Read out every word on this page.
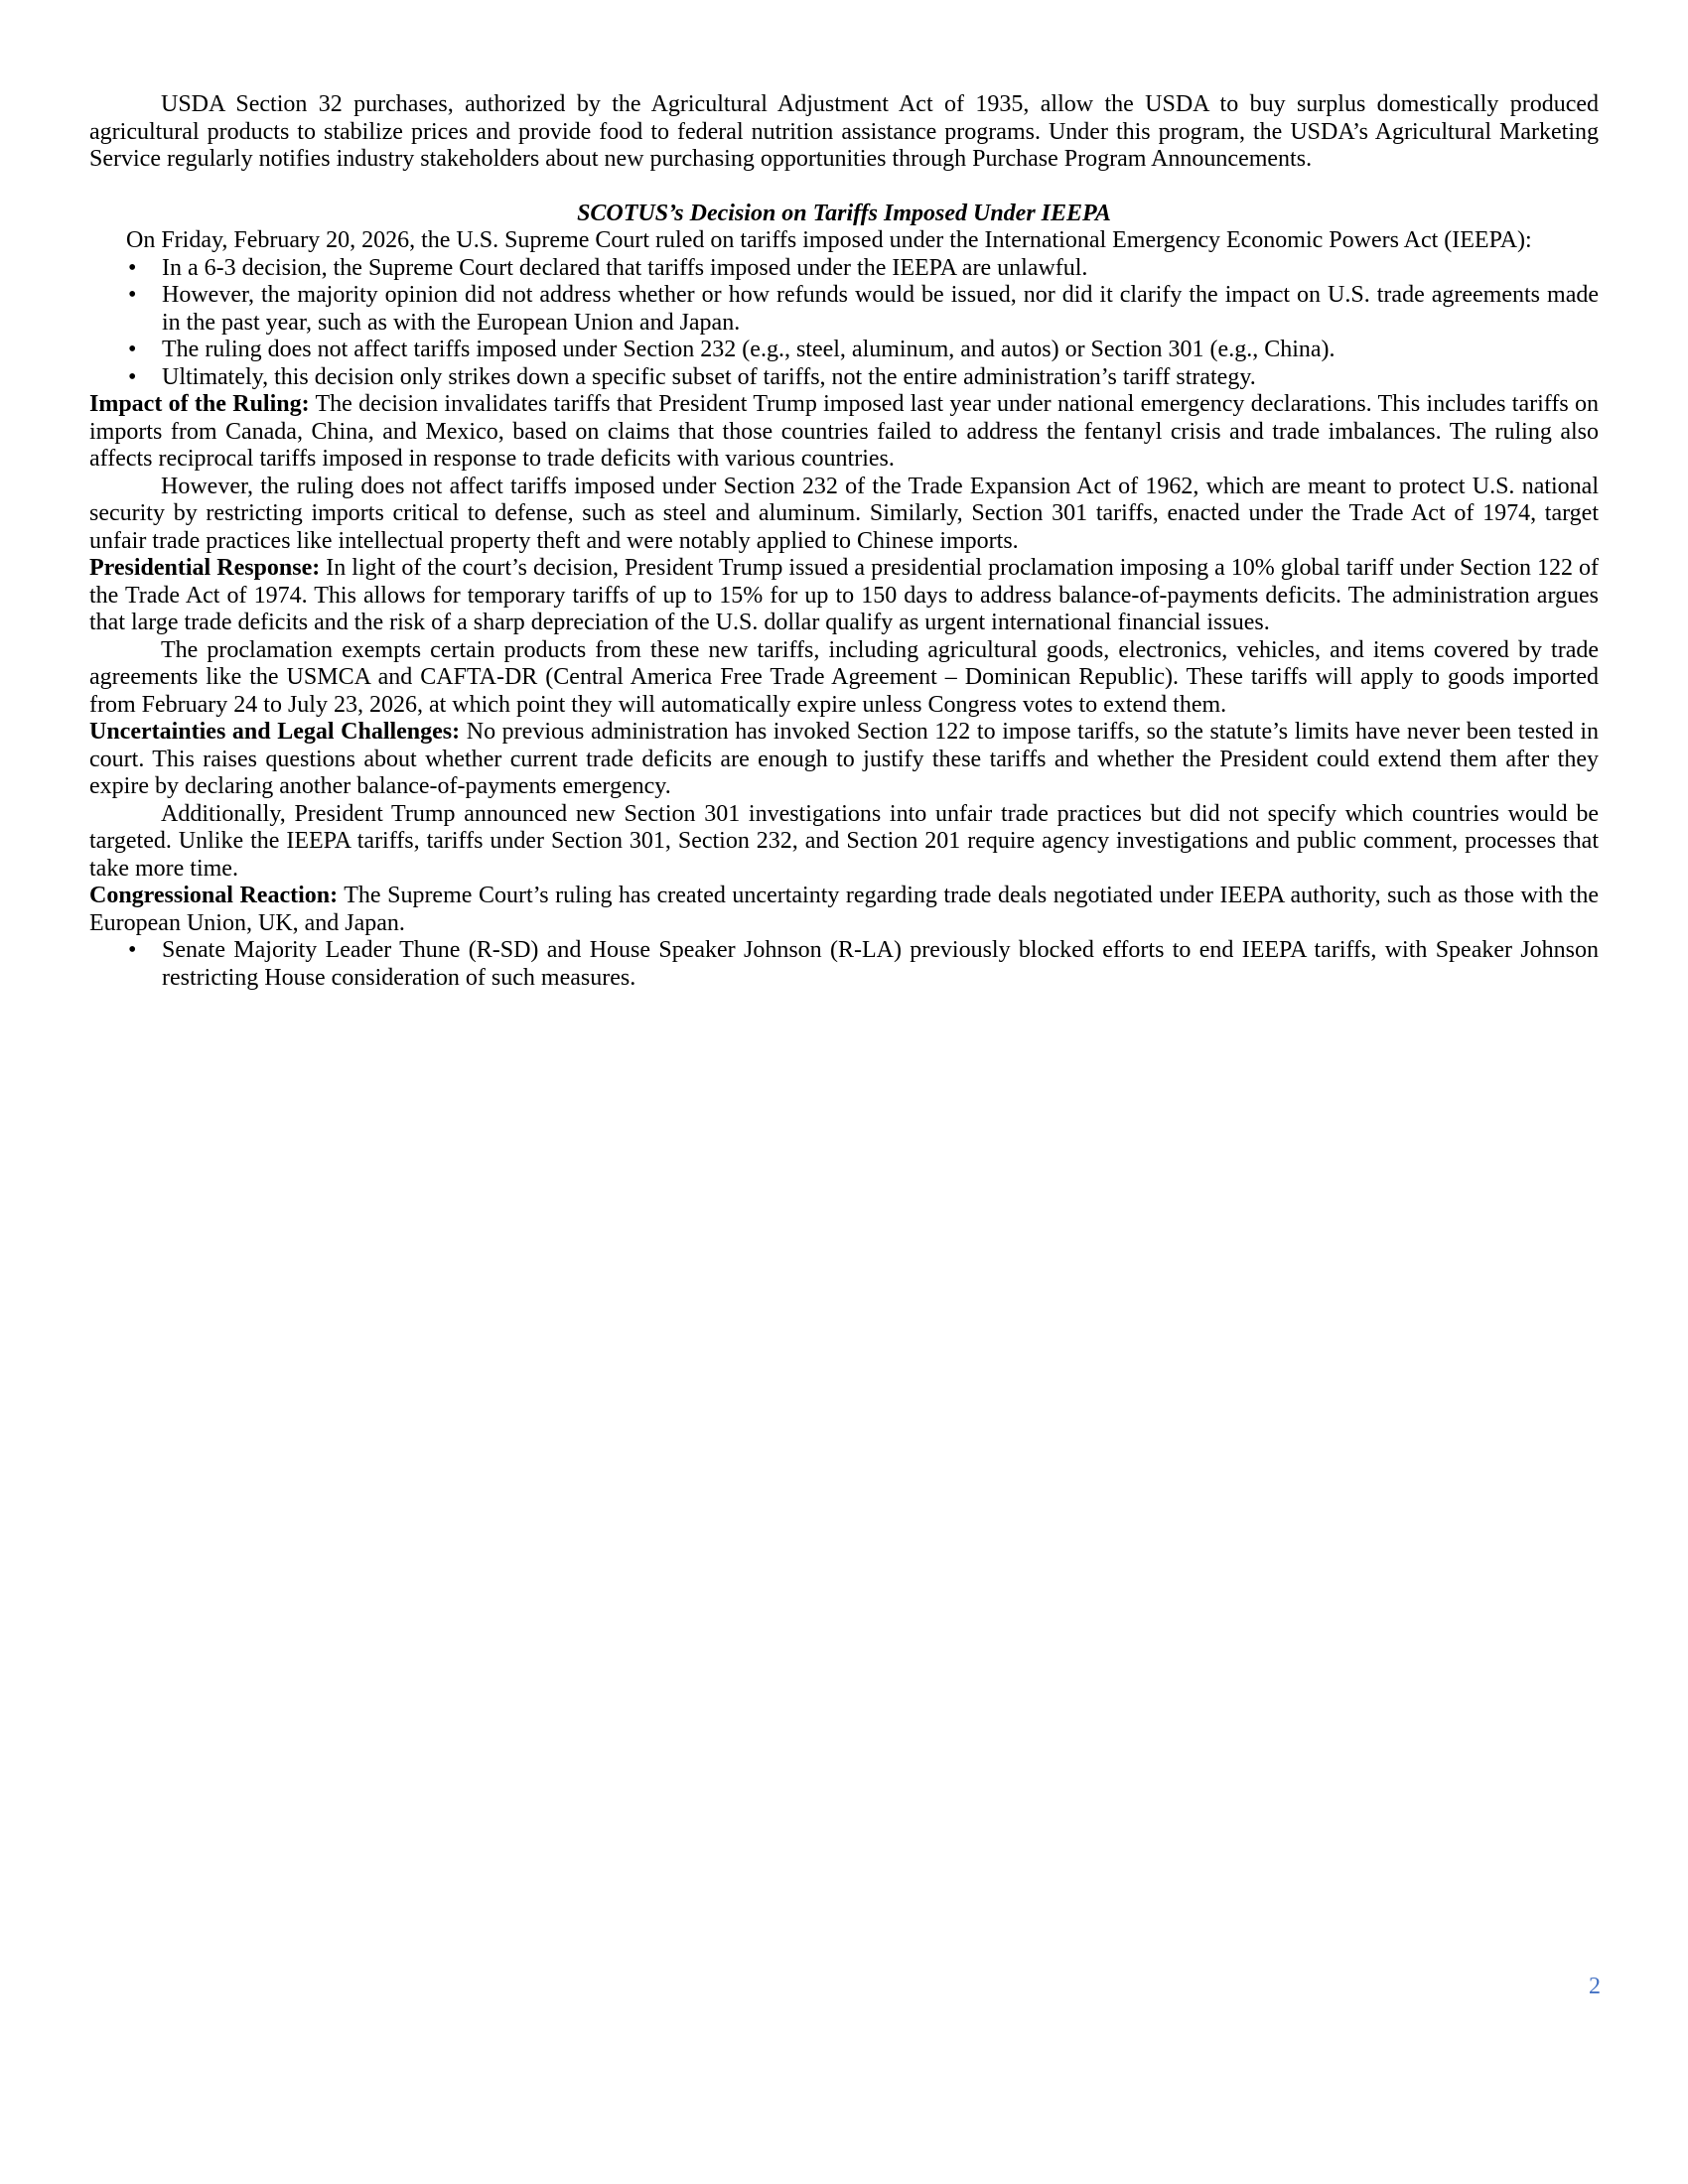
USDA Section 32 purchases, authorized by the Agricultural Adjustment Act of 1935, allow the USDA to buy surplus domestically produced agricultural products to stabilize prices and provide food to federal nutrition assistance programs. Under this program, the USDA’s Agricultural Marketing Service regularly notifies industry stakeholders about new purchasing opportunities through Purchase Program Announcements.

SCOTUS’s Decision on Tariffs Imposed Under IEEPA

On Friday, February 20, 2026, the U.S. Supreme Court ruled on tariffs imposed under the International Emergency Economic Powers Act (IEEPA):

• In a 6-3 decision, the Supreme Court declared that tariffs imposed under the IEEPA are unlawful.
• However, the majority opinion did not address whether or how refunds would be issued, nor did it clarify the impact on U.S. trade agreements made in the past year, such as with the European Union and Japan.
• The ruling does not affect tariffs imposed under Section 232 (e.g., steel, aluminum, and autos) or Section 301 (e.g., China).
• Ultimately, this decision only strikes down a specific subset of tariffs, not the entire administration’s tariff strategy.

Impact of the Ruling: The decision invalidates tariffs that President Trump imposed last year under national emergency declarations. This includes tariffs on imports from Canada, China, and Mexico, based on claims that those countries failed to address the fentanyl crisis and trade imbalances. The ruling also affects reciprocal tariffs imposed in response to trade deficits with various countries.

However, the ruling does not affect tariffs imposed under Section 232 of the Trade Expansion Act of 1962, which are meant to protect U.S. national security by restricting imports critical to defense, such as steel and aluminum. Similarly, Section 301 tariffs, enacted under the Trade Act of 1974, target unfair trade practices like intellectual property theft and were notably applied to Chinese imports.

Presidential Response: In light of the court’s decision, President Trump issued a presidential proclamation imposing a 10% global tariff under Section 122 of the Trade Act of 1974. This allows for temporary tariffs of up to 15% for up to 150 days to address balance-of-payments deficits. The administration argues that large trade deficits and the risk of a sharp depreciation of the U.S. dollar qualify as urgent international financial issues.

The proclamation exempts certain products from these new tariffs, including agricultural goods, electronics, vehicles, and items covered by trade agreements like the USMCA and CAFTA-DR (Central America Free Trade Agreement – Dominican Republic). These tariffs will apply to goods imported from February 24 to July 23, 2026, at which point they will automatically expire unless Congress votes to extend them.

Uncertainties and Legal Challenges: No previous administration has invoked Section 122 to impose tariffs, so the statute’s limits have never been tested in court. This raises questions about whether current trade deficits are enough to justify these tariffs and whether the President could extend them after they expire by declaring another balance-of-payments emergency.

Additionally, President Trump announced new Section 301 investigations into unfair trade practices but did not specify which countries would be targeted. Unlike the IEEPA tariffs, tariffs under Section 301, Section 232, and Section 201 require agency investigations and public comment, processes that take more time.

Congressional Reaction: The Supreme Court’s ruling has created uncertainty regarding trade deals negotiated under IEEPA authority, such as those with the European Union, UK, and Japan.

• Senate Majority Leader Thune (R-SD) and House Speaker Johnson (R-LA) previously blocked efforts to end IEEPA tariffs, with Speaker Johnson restricting House consideration of such measures.
2
